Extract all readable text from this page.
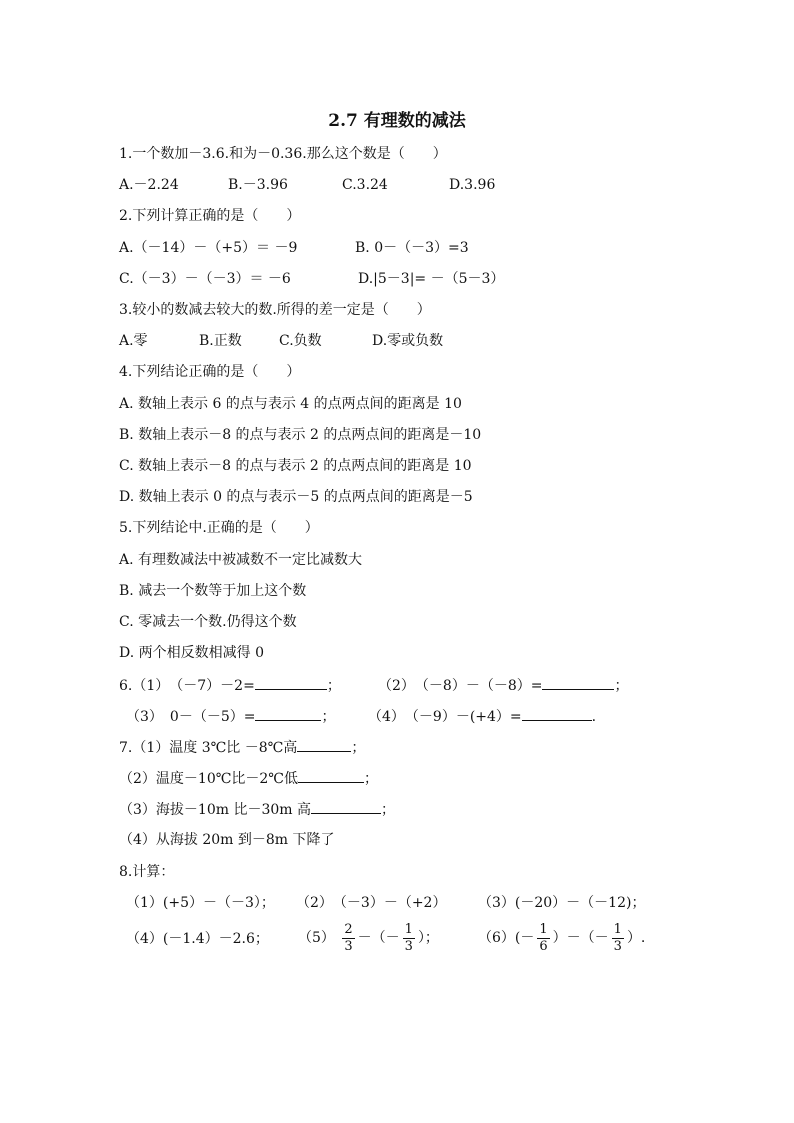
2.7 有理数的减法
1.一个数加－3.6.和为－0.36.那么这个数是（　　）
A.－2.24	B.－3.96	C.3.24	D.3.96
2.下列计算正确的是（　　）
A.（－14）－（+5）＝ －9	B. 0－（－3）=3
C.（－3）－（－3）＝ －6	D.|5－3|= －（5－3）
3.较小的数减去较大的数.所得的差一定是（　　）
A.零	B.正数	C.负数	D.零或负数
4.下列结论正确的是（　　）
A. 数轴上表示 6 的点与表示 4 的点两点间的距离是 10
B. 数轴上表示－8 的点与表示 2 的点两点间的距离是－10
C. 数轴上表示－8 的点与表示 2 的点两点间的距离是 10
D. 数轴上表示 0 的点与表示－5 的点两点间的距离是－5
5.下列结论中.正确的是（　　）
A. 有理数减法中被减数不一定比减数大
B. 减去一个数等于加上这个数
C. 零减去一个数.仍得这个数
D. 两个相反数相减得 0
6.（1）　（－7）－2=	；	（2）　（－8）－（－8）=	；
（3）　0－（－5）=	； （4）　（－9）－(+4）=	.
7.（1）温度 3℃比 －8℃高	；
（2）温度－10℃比－2℃低	；
（3）海拔－10m 比－30m 高	；
（4）从海拔 20m 到－8m 下降了
8.计算：
（1）(+5）－（－3）； （2）　（－3）－（+2） （3）(－20）－（－12)；
（4）(－1.4）－2.6； $(5) \frac{2}{3}$ －（－ $\frac{1}{3}$ ）；	$(6)(- \frac{1}{6}$ ）－（－ $\frac{1}{3}$ ）.
